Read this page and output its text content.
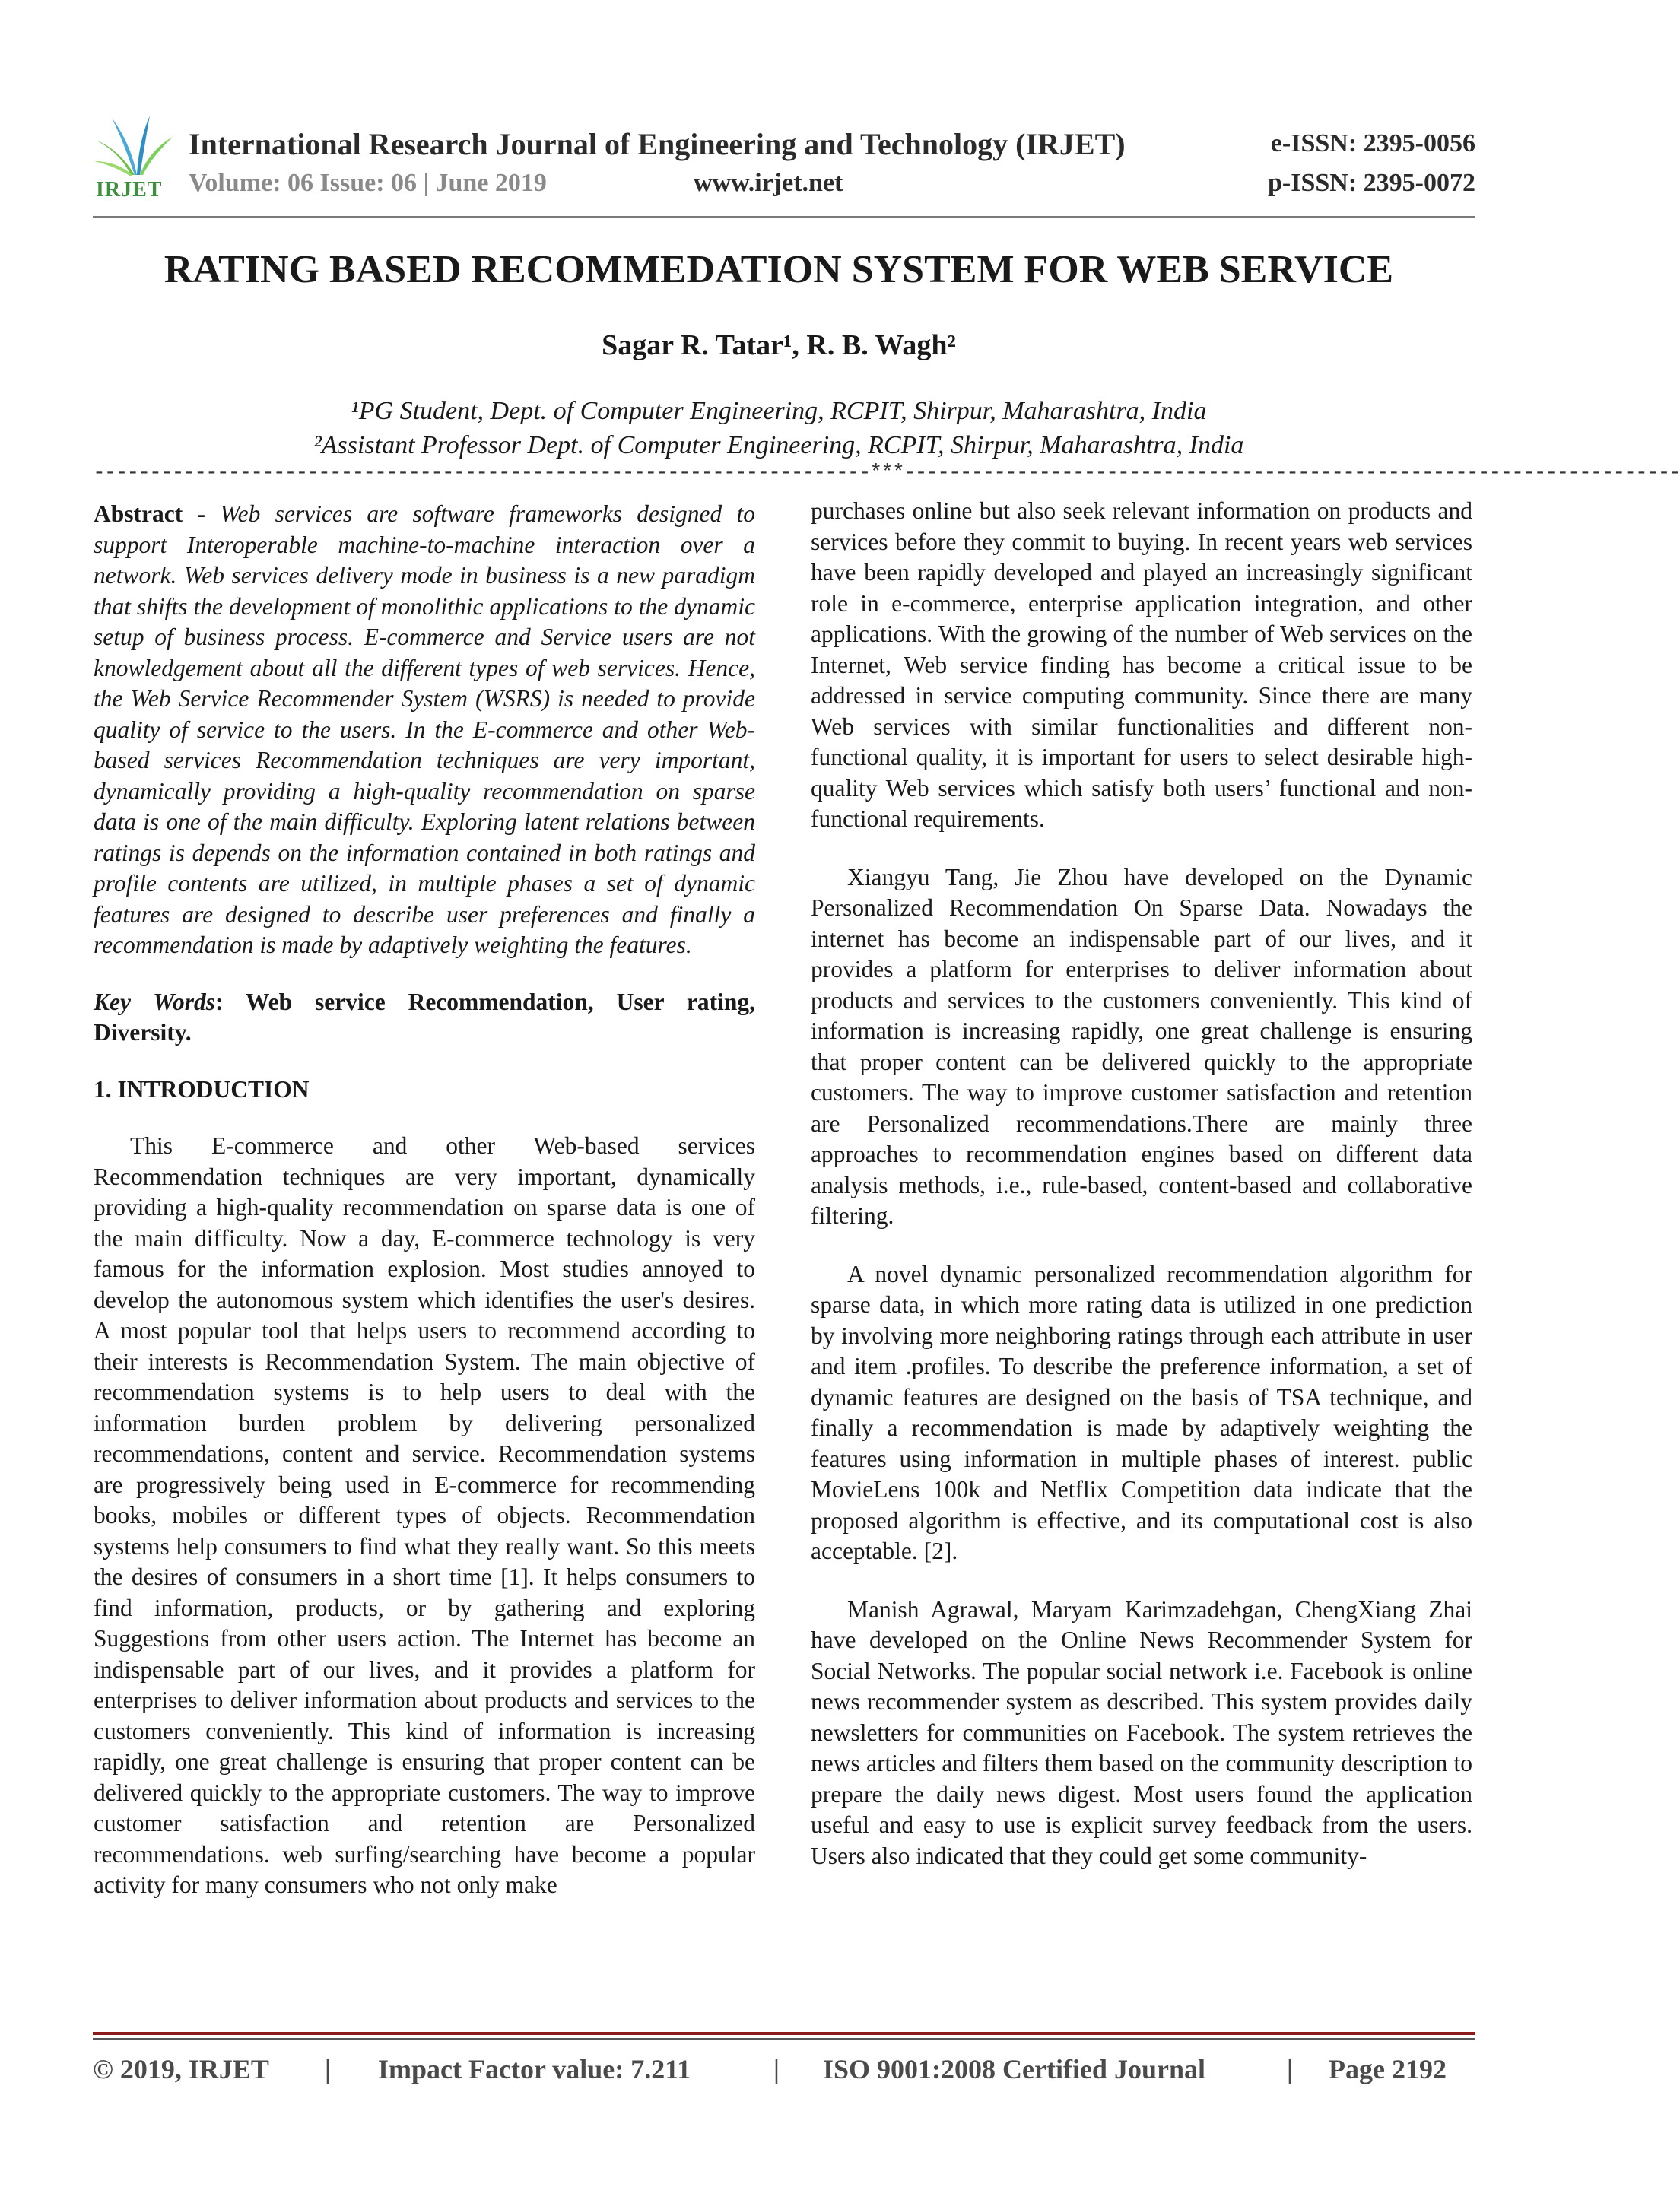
IRJET
International Research Journal of Engineering and Technology (IRJET)	e-ISSN: 2395-0056
Volume: 06 Issue: 06 | June 2019	www.irjet.net	p-ISSN: 2395-0072
RATING BASED RECOMMEDATION SYSTEM FOR WEB SERVICE
Sagar R. Tatar¹, R. B. Wagh²
¹PG Student, Dept. of Computer Engineering, RCPIT, Shirpur, Maharashtra, India
²Assistant Professor Dept. of Computer Engineering, RCPIT, Shirpur, Maharashtra, India
---------------------------------------------------------------------***---------------------------------------------------------------------

Abstract - Web services are software frameworks designed to support Interoperable machine-to-machine interaction over a network. Web services delivery mode in business is a new paradigm that shifts the development of monolithic applications to the dynamic setup of business process. E-commerce and Service users are not knowledgement about all the different types of web services. Hence, the Web Service Recommender System (WSRS) is needed to provide quality of service to the users. In the E-commerce and other Web-based services Recommendation techniques are very important, dynamically providing a high-quality recommendation on sparse data is one of the main difficulty. Exploring latent relations between ratings is depends on the information contained in both ratings and profile contents are utilized, in multiple phases a set of dynamic features are designed to describe user preferences and finally a recommendation is made by adaptively weighting the features.

Key Words: Web service Recommendation, User rating, Diversity.

1. INTRODUCTION

This E-commerce and other Web-based services Recommendation techniques are very important, dynamically providing a high-quality recommendation on sparse data is one of the main difficulty. Now a day, E-commerce technology is very famous for the information explosion. Most studies annoyed to develop the autonomous system which identifies the user's desires. A most popular tool that helps users to recommend according to their interests is Recommendation System. The main objective of recommendation systems is to help users to deal with the information burden problem by delivering personalized recommendations, content and service. Recommendation systems are progressively being used in E-commerce for recommending books, mobiles or different types of objects. Recommendation systems help consumers to find what they really want. So this meets the desires of consumers in a short time [1]. It helps consumers to find information, products, or by gathering and exploring Suggestions from other users action. The Internet has become an indispensable part of our lives, and it provides a platform for enterprises to deliver information about products and services to the customers conveniently. This kind of information is increasing rapidly, one great challenge is ensuring that proper content can be delivered quickly to the appropriate customers. The way to improve customer satisfaction and retention are Personalized recommendations. web surfing/searching have become a popular activity for many consumers who not only make

purchases online but also seek relevant information on products and services before they commit to buying. In recent years web services have been rapidly developed and played an increasingly significant role in e-commerce, enterprise application integration, and other applications. With the growing of the number of Web services on the Internet, Web service finding has become a critical issue to be addressed in service computing community. Since there are many Web services with similar functionalities and different non-functional quality, it is important for users to select desirable high-quality Web services which satisfy both users’ functional and non- functional requirements.

Xiangyu Tang, Jie Zhou have developed on the Dynamic Personalized Recommendation On Sparse Data. Nowadays the internet has become an indispensable part of our lives, and it provides a platform for enterprises to deliver information about products and services to the customers conveniently. This kind of information is increasing rapidly, one great challenge is ensuring that proper content can be delivered quickly to the appropriate customers. The way to improve customer satisfaction and retention are Personalized recommendations.There are mainly three approaches to recommendation engines based on different data analysis methods, i.e., rule-based, content-based and collaborative filtering.

A novel dynamic personalized recommendation algorithm for sparse data, in which more rating data is utilized in one prediction by involving more neighboring ratings through each attribute in user and item .profiles. To describe the preference information, a set of dynamic features are designed on the basis of TSA technique, and finally a recommendation is made by adaptively weighting the features using information in multiple phases of interest. public MovieLens 100k and Netflix Competition data indicate that the proposed algorithm is effective, and its computational cost is also acceptable. [2].

Manish Agrawal, Maryam Karimzadehgan, ChengXiang Zhai have developed on the Online News Recommender System for Social Networks. The popular social network i.e. Facebook is online news recommender system as described. This system provides daily newsletters for communities on Facebook. The system retrieves the news articles and filters them based on the community description to prepare the daily news digest. Most users found the application useful and easy to use is explicit survey feedback from the users. Users also indicated that they could get some community-

© 2019, IRJET | Impact Factor value: 7.211	| ISO 9001:2008 Certified Journal	| Page 2192
